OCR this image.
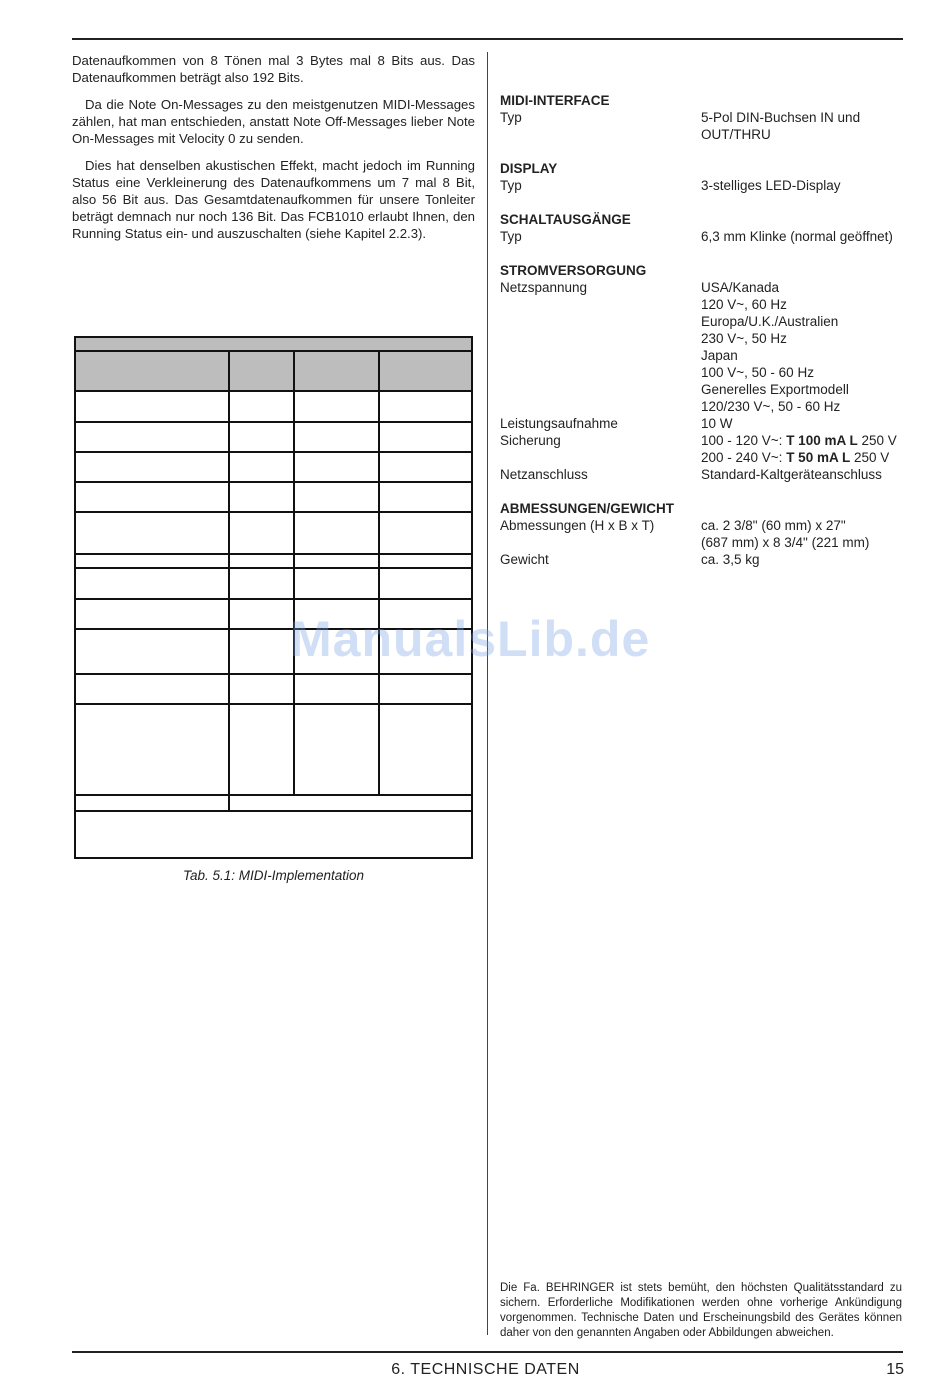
Datenaufkommen von 8 Tönen mal 3 Bytes mal 8 Bits aus. Das Datenaufkommen beträgt also 192 Bits.

Da die Note On-Messages zu den meistgenutzen MIDI-Messages zählen, hat man entschieden, anstatt Note Off-Messages lieber Note On-Messages mit Velocity 0 zu senden.

Dies hat denselben akustischen Effekt, macht jedoch im Running Status eine Verkleinerung des Datenaufkommens um 7 mal 8 Bit, also 56 Bit aus. Das Gesamtdatenaufkommen für unsere Tonleiter beträgt demnach nur noch 136 Bit. Das FCB1010 erlaubt Ihnen, den Running Status ein- und auszuschalten (siehe Kapitel 2.2.3).

Tab. 5.1: MIDI-Implementation
MIDI-INTERFACE
Typ	5-Pol DIN-Buchsen IN und
OUT/THRU
DISPLAY
Typ	3-stelliges LED-Display
SCHALTAUSGÄNGE
Typ	6,3 mm Klinke (normal geöffnet)
STROMVERSORGUNG
Netzspannung	USA/Kanada
120 V~, 60 Hz
Europa/U.K./Australien
230 V~, 50 Hz
Japan
100 V~, 50 - 60 Hz
Generelles Exportmodell
120/230 V~, 50 - 60 Hz
Leistungsaufnahme	10 W
Sicherung	100 - 120 V~: T 100 mA L 250 V
200 - 240 V~: T 50 mA L 250 V
Netzanschluss	Standard-Kaltgeräteanschluss
ABMESSUNGEN/GEWICHT
Abmessungen (H x B x T)	ca. 2 3/8" (60 mm) x 27"
(687 mm) x 8 3/4" (221 mm)
Gewicht	ca. 3,5 kg
Die Fa. BEHRINGER ist stets bemüht, den höchsten Qualitätsstandard zu sichern. Erforderliche Modifikationen werden ohne vorherige Ankündigung vorgenommen. Technische Daten und Erscheinungsbild des Gerätes können daher von den genannten Angaben oder Abbildungen abweichen.
6. TECHNISCHE DATEN	15
ManualsLib.de
